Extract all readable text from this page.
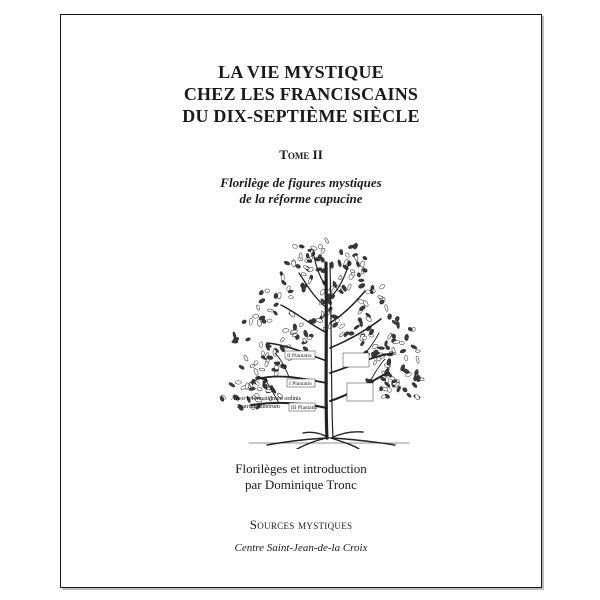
LA VIE MYSTIQUE
CHEZ LES FRANCISCAINS
DU DIX-SEPTIÈME SIÈCLE
Tome II
Florilège de figures mystiques
de la réforme capucine
II Plantatio
I Plantatio
III Plantatio
Arbor reformationum ordinis
Fratrum minorum
Florilèges et introduction
par Dominique Tronc
Sources mystiques
Centre Saint-Jean-de-la Croix
